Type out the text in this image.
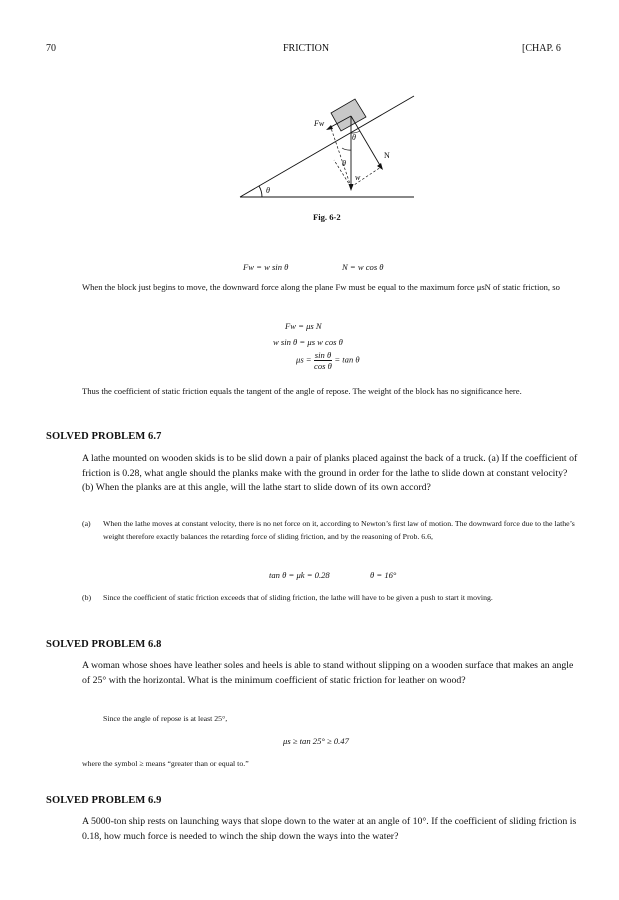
70	FRICTION	[CHAP. 6
Fw
θ
θ
θ
N
w
Fig. 6-2
Fw = w sin θ	N = w cos θ
When the block just begins to move, the downward force along the plane Fw must be equal to the maximum force μsN of static friction, so
Fw = μs N
w sin θ = μs w cos θ
$\mu s = \frac{\text{sin θ}}{\text{cos θ}} = \tan \theta$
Thus the coefficient of static friction equals the tangent of the angle of repose. The weight of the block has no significance here.
SOLVED PROBLEM 6.7
A lathe mounted on wooden skids is to be slid down a pair of planks placed against the back of a truck. (a) If the coefficient of friction is 0.28, what angle should the planks make with the ground in order for the lathe to slide down at constant velocity? (b) When the planks are at this angle, will the lathe start to slide down of its own accord?
(a) When the lathe moves at constant velocity, there is no net force on it, according to Newton’s first law of motion. The downward force due to the lathe’s weight therefore exactly balances the retarding force of sliding friction, and by the reasoning of Prob. 6.6,
tan θ = μk = 0.28	θ = 16°
(b) Since the coefficient of static friction exceeds that of sliding friction, the lathe will have to be given a push to start it moving.
SOLVED PROBLEM 6.8
A woman whose shoes have leather soles and heels is able to stand without slipping on a wooden surface that makes an angle of 25° with the horizontal. What is the minimum coefficient of static friction for leather on wood?
Since the angle of repose is at least 25°,
μs ≥ tan 25° ≥ 0.47
where the symbol ≥ means “greater than or equal to.”
SOLVED PROBLEM 6.9
A 5000-ton ship rests on launching ways that slope down to the water at an angle of 10°. If the coefficient of sliding friction is 0.18, how much force is needed to winch the ship down the ways into the water?
